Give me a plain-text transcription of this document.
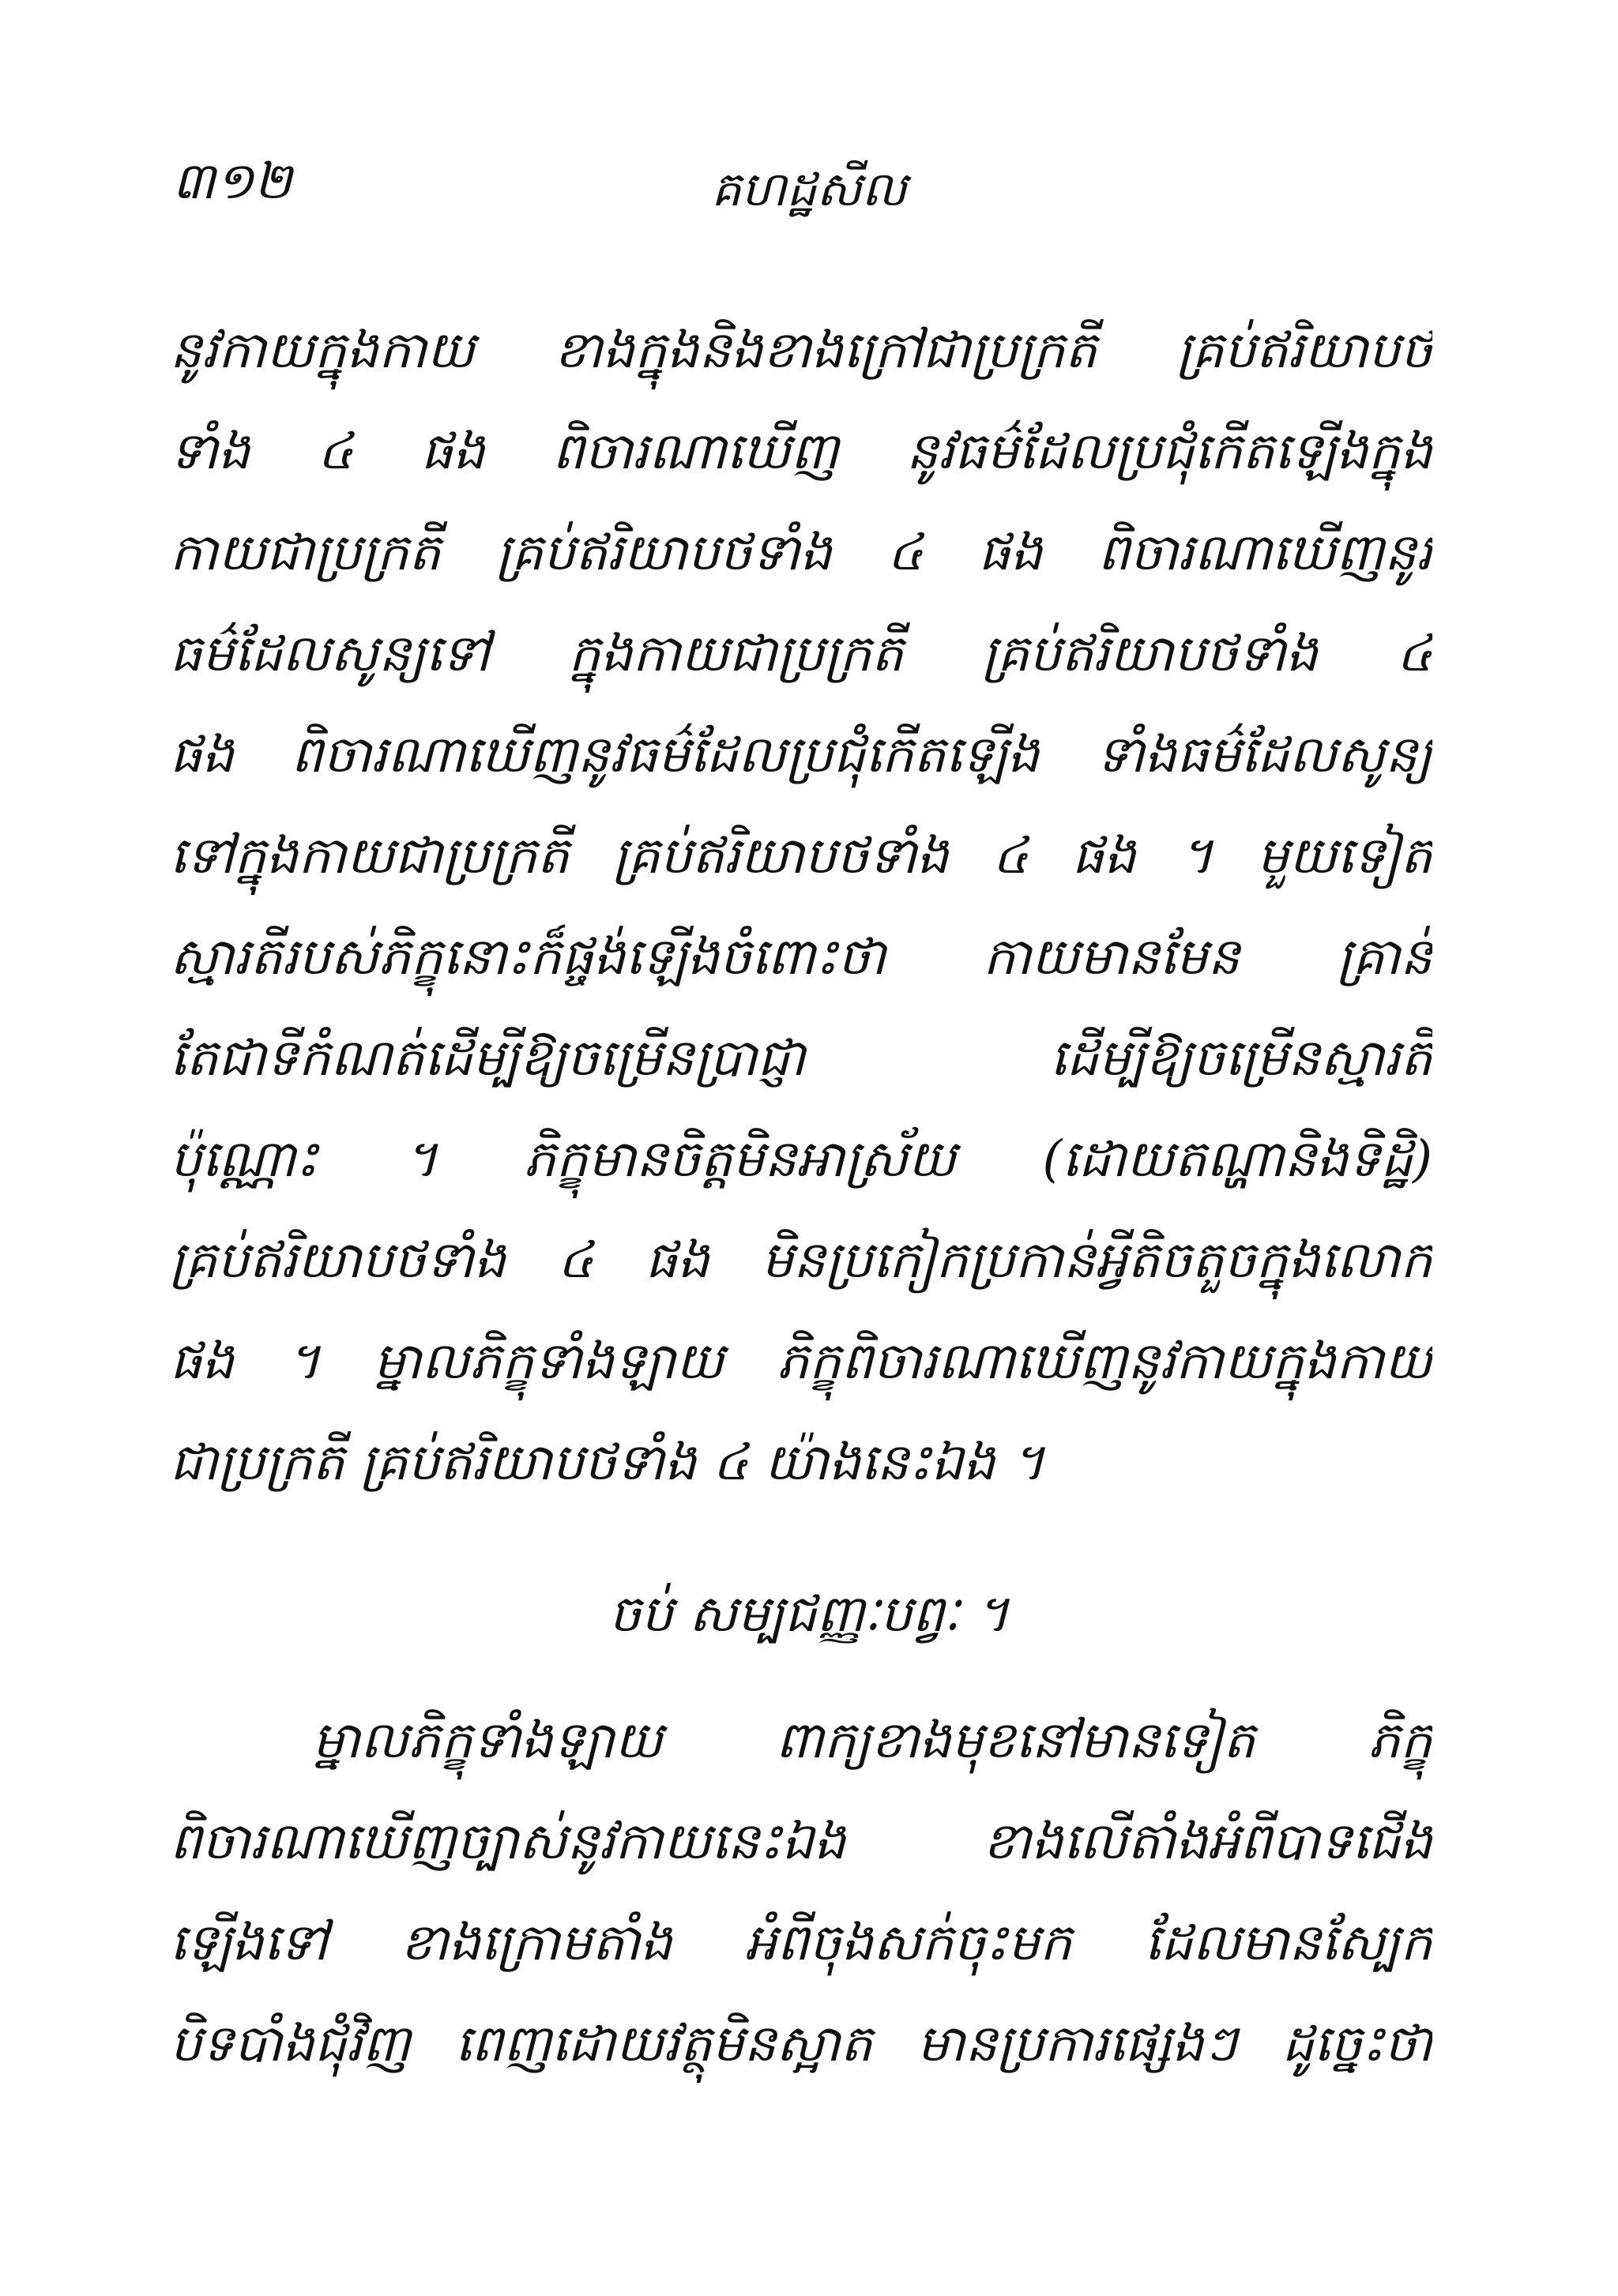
៣១២	គហដ្ឋសីល
នូវកាយក្នុងកាយ ខាងក្នុងនិងខាងក្រៅជាប្រក្រតី គ្រប់ឥរិយាបថ
ទាំង ៤ ផង ពិចារណាឃើញ នូវធម៌ដែលប្រជុំកើតឡើងក្នុង
កាយជាប្រក្រតី គ្រប់ឥរិយាបថទាំង ៤ ផង ពិចារណាឃើញនូវ
ធម៌ដែលសូន្យទៅ ក្នុងកាយជាប្រក្រតី គ្រប់ឥរិយាបថទាំង ៤
ផង ពិចារណាឃើញនូវធម៌ដែលប្រជុំកើតឡើង ទាំងធម៌ដែលសូន្យ
ទៅក្នុងកាយជាប្រក្រតី គ្រប់ឥរិយាបថទាំង ៤ ផង ។ មួយទៀត
ស្មារតីរបស់ភិក្ខុនោះក៏ផ្ចង់ឡើងចំពោះថា កាយមានមែន គ្រាន់
តែជាទីកំណត់ដើម្បីឱ្យចម្រើនប្រាជ្ញា ដើម្បីឱ្យចម្រើនស្មារតី
ប៉ុណ្ណោះ ។ ភិក្ខុមានចិត្តមិនអាស្រ័យ (ដោយតណ្ហានិងទិដ្ឋិ)
គ្រប់ឥរិយាបថទាំង ៤ ផង មិនប្រកៀកប្រកាន់អ្វីតិចតួចក្នុងលោក
ផង ។ ម្នាលភិក្ខុទាំងឡាយ ភិក្ខុពិចារណាឃើញនូវកាយក្នុងកាយ
ជាប្រក្រតី គ្រប់ឥរិយាបថទាំង ៤ យ៉ាងនេះឯង ។
ចប់ សម្បជញ្ញៈបព្វៈ ។
ម្នាលភិក្ខុទាំងឡាយ ពាក្យខាងមុខនៅមានទៀត ភិក្ខុ
ពិចារណាឃើញច្បាស់នូវកាយនេះឯង ខាងលើតាំងអំពីបាទជើង
ឡើងទៅ ខាងក្រោមតាំង អំពីចុងសក់ចុះមក ដែលមានស្បែក
បិទបាំងជុំវិញ ពេញដោយវត្ថុមិនស្អាត មានប្រការផ្សេងៗ ដូច្នេះថា
